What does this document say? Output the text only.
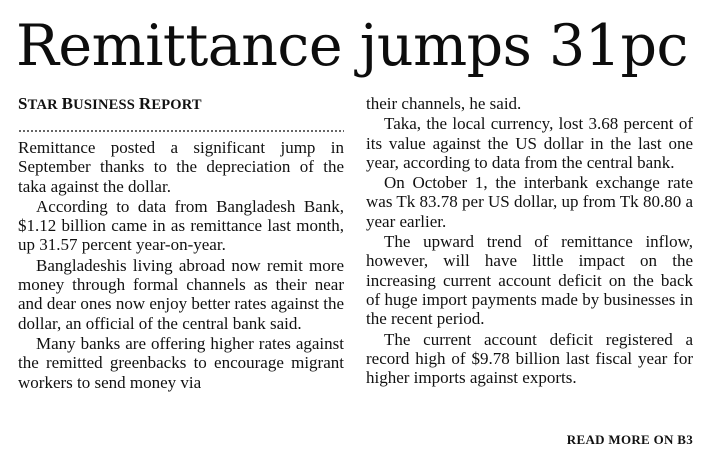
Remittance jumps 31pc
STAR BUSINESS REPORT

Remittance posted a significant jump in September thanks to the depreciation of the taka against the dollar.

According to data from Bangladesh Bank, $1.12 billion came in as remittance last month, up 31.57 percent year-on-year.

Bangladeshis living abroad now remit more money through formal channels as their near and dear ones now enjoy better rates against the dollar, an official of the central bank said.

Many banks are offering higher rates against the remitted greenbacks to encourage migrant workers to send money via

their channels, he said.

Taka, the local currency, lost 3.68 percent of its value against the US dollar in the last one year, according to data from the central bank.

On October 1, the interbank exchange rate was Tk 83.78 per US dollar, up from Tk 80.80 a year earlier.

The upward trend of remittance inflow, however, will have little impact on the increasing current account deficit on the back of huge import payments made by businesses in the recent period.

The current account deficit registered a record high of $9.78 billion last fiscal year for higher imports against exports.

READ MORE ON B3
